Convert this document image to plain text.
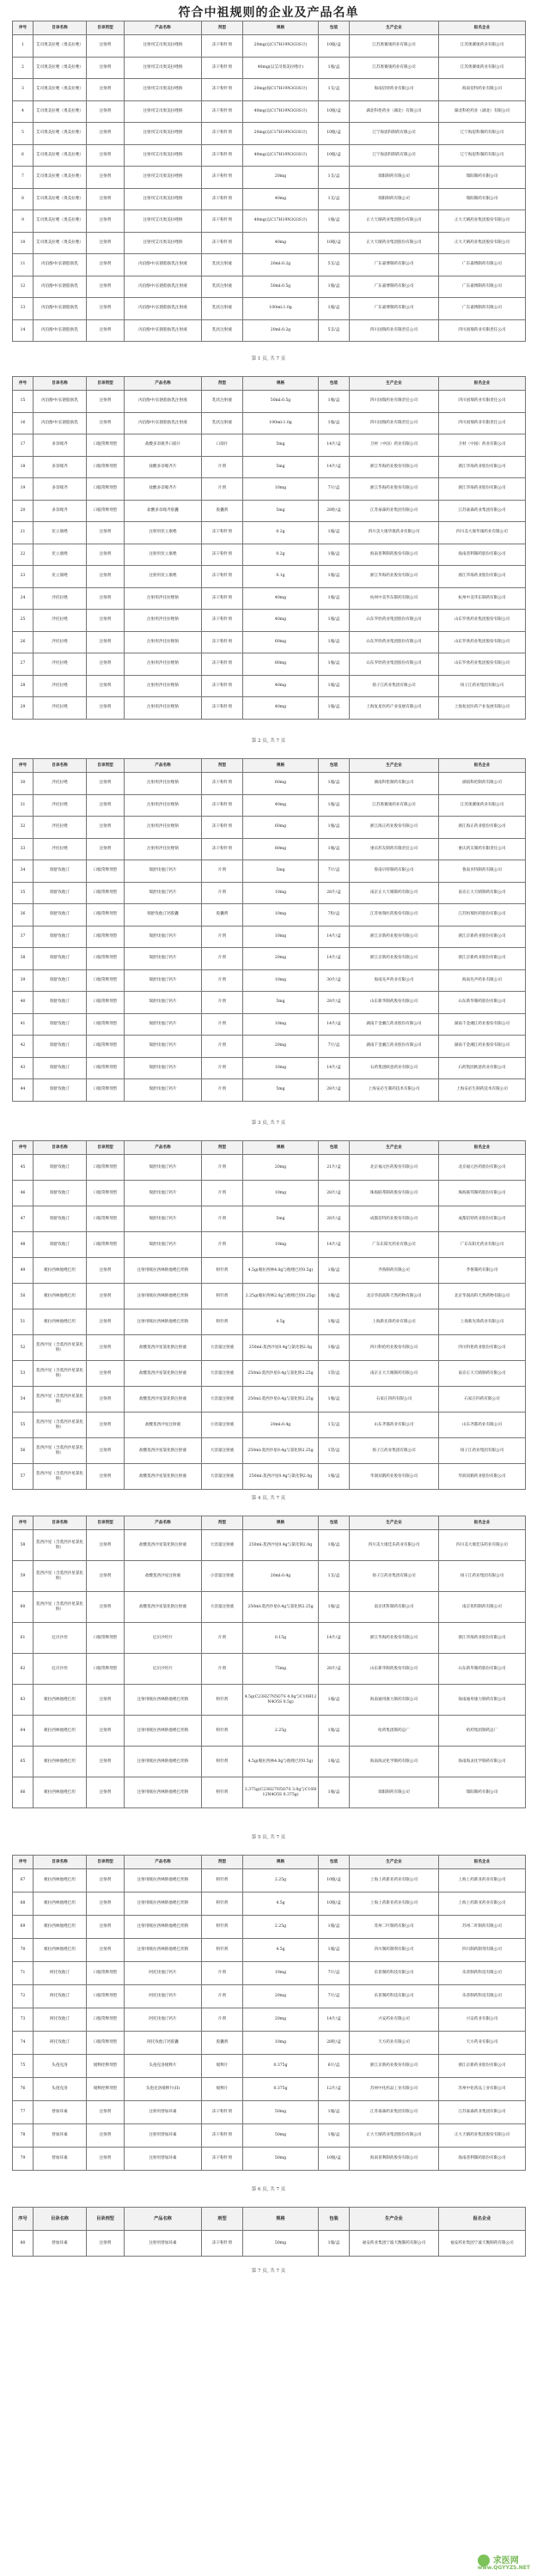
符合中祖规则的企业及产品名单
序号	目录名称	目录剂型	产品名称	剂型	规格	包装	生产企业	报名企业
1	艾司奥美拉唑（奥美拉唑）	注射剂	注射用艾司奥美拉唑钠	冻干粉针剂	20mg(以C17H19N3O3S计)	10瓶/盒	江苏奥赛康药业有限公司	江苏奥赛康药业有限公司
2	艾司奥美拉唑（奥美拉唑）	注射剂	注射用艾司奥美拉唑钠	冻干粉针剂	40mg(以艾司奥美拉唑计)	1瓶/盒	江苏奥赛康药业有限公司	江苏奥赛康药业有限公司
3	艾司奥美拉唑（奥美拉唑）	注射剂	注射用艾司奥美拉唑钠	冻干粉针剂	20mg(按C17H19N3O3S计)	1支/盒	海南倍特药业有限公司	海南倍特药业有限公司
4	艾司奥美拉唑（奥美拉唑）	注射剂	注射用艾司奥美拉唑钠	冻干粉针剂	40mg(以C17H19N3O3S计)	10瓶/盒	湖北科伦药业（湖北）有限公司	湖北科伦药业（湖北）有限公司
5	艾司奥美拉唑（奥美拉唑）	注射剂	注射用艾司奥美拉唑钠	冻干粉针剂	20mg(以C17H19N3O3S计)	10瓶/盒	辽宁海思科制药有限公司	辽宁海思科制药有限公司
6	艾司奥美拉唑（奥美拉唑）	注射剂	注射用艾司奥美拉唑钠	冻干粉针剂	40mg(以C17H19N3O3S计)	10瓶/盒	辽宁海思科制药有限公司	辽宁海思科制药有限公司
7	艾司奥美拉唑（奥美拉唑）	注射剂	注射用艾司奥美拉唑钠	冻干粉针剂	20mg	1支/盒	瑞阳制药有限公司	瑞阳制药有限公司
8	艾司奥美拉唑（奥美拉唑）	注射剂	注射用艾司奥美拉唑钠	冻干粉针剂	40mg	1支/盒	瑞阳制药有限公司	瑞阳制药有限公司
9	艾司奥美拉唑（奥美拉唑）	注射剂	注射用艾司奥美拉唑钠	冻干粉针剂	40mg(以C17H19N3O3S计)	1瓶/盒	正大天晴药业集团股份有限公司	正大天晴药业集团股份有限公司
10	艾司奥美拉唑（奥美拉唑）	注射剂	注射用艾司奥美拉唑钠	冻干粉针剂	40mg	10瓶/盒	正大天晴药业集团股份有限公司	正大天晴药业集团股份有限公司
11	丙泊酚中/长链脂肪乳	注射剂	丙泊酚中/长链脂肪乳注射液	乳状注射液	20ml:0.2g	5支/盒	广东嘉博制药有限公司	广东嘉博制药有限公司
12	丙泊酚中/长链脂肪乳	注射剂	丙泊酚中/长链脂肪乳注射液	乳状注射液	50ml:0.5g	1瓶/盒	广东嘉博制药有限公司	广东嘉博制药有限公司
13	丙泊酚中/长链脂肪乳	注射剂	丙泊酚中/长链脂肪乳注射液	乳状注射液	100ml:1.0g	1瓶/盒	广东嘉博制药有限公司	广东嘉博制药有限公司
14	丙泊酚中/长链脂肪乳	注射剂	丙泊酚中/长链脂肪乳注射液	乳状注射液	20ml:0.2g	5支/盒	四川国瑞药业有限责任公司	四川国瑞药业有限责任公司
第 1 页, 共 7 页
序号	目录名称	目录剂型	产品名称	剂型	规格	包装	生产企业	报名企业
15	丙泊酚中/长链脂肪乳	注射剂	丙泊酚中/长链脂肪乳注射液	乳状注射液	50ml:0.5g	1瓶/盒	四川国瑞药业有限责任公司	四川国瑞药业有限责任公司
16	丙泊酚中/长链脂肪乳	注射剂	丙泊酚中/长链脂肪乳注射液	乳状注射液	100ml:1.0g	1瓶/盒	四川国瑞药业有限责任公司	四川国瑞药业有限责任公司
17	多奈哌齐	口服常释剂型	盐酸多奈哌齐口崩片	口崩片	5mg	14片/盒	卫材（中国）药业有限公司	卫材（中国）药业有限公司
18	多奈哌齐	口服常释剂型	盐酸多奈哌齐片	片剂	5mg	14片/盒	浙江华海药业股份有限公司	浙江华海药业股份有限公司
19	多奈哌齐	口服常释剂型	盐酸多奈哌齐片	片剂	10mg	7片/盒	浙江华海药业股份有限公司	浙江华海药业股份有限公司
20	多奈哌齐	口服常释剂型	盐酸多奈哌齐胶囊	胶囊剂	5mg	28粒/盒	江苏豪森药业集团有限公司	江苏豪森药业集团有限公司
21	伏立康唑	注射剂	注射用伏立康唑	冻干粉针剂	0.2g	1瓶/盒	四川美大康华康药业有限公司	四川美大康华康药业有限公司
22	伏立康唑	注射剂	注射用伏立康唑	冻干粉针剂	0.2g	1瓶/盒	海南普利制药股份有限公司	海南普利制药股份有限公司
23	伏立康唑	注射剂	注射用伏立康唑	冻干粉针剂	0.1g	1瓶/盒	浙江华海药业股份有限公司	浙江华海药业股份有限公司
24	泮托拉唑	注射剂	注射用泮托拉唑钠	冻干粉针剂	40mg	1瓶/盒	杭州中美华东制药有限公司	杭州中美华东制药有限公司
25	泮托拉唑	注射剂	注射用泮托拉唑钠	冻干粉针剂	40mg	1瓶/盒	山东罗欣药业集团股份有限公司	山东罗欣药业集团股份有限公司
26	泮托拉唑	注射剂	注射用泮托拉唑钠	冻干粉针剂	60mg	1瓶/盒	山东罗欣药业集团股份有限公司	山东罗欣药业集团股份有限公司
27	泮托拉唑	注射剂	注射用泮托拉唑钠	冻干粉针剂	80mg	1瓶/盒	山东罗欣药业集团股份有限公司	山东罗欣药业集团股份有限公司
28	泮托拉唑	注射剂	注射用泮托拉唑钠	冻干粉针剂	40mg	1瓶/盒	扬子江药业集团有限公司	扬子江药业集团有限公司
29	泮托拉唑	注射剂	注射用泮托拉唑钠	冻干粉针剂	40mg	1瓶/盒	上海复星医药产业发展有限公司	上海复星医药产业发展有限公司
第 2 页, 共 7 页
序号	目录名称	目录剂型	产品名称	剂型	规格	包装	生产企业	报名企业
30	泮托拉唑	注射剂	注射用泮托拉唑钠	冻干粉针剂	60mg	1瓶/盒	湖南科伦制药有限公司	湖南科伦制药有限公司
31	泮托拉唑	注射剂	注射用泮托拉唑钠	冻干粉针剂	40mg	1瓶/盒	江苏奥赛康药业有限公司	江苏奥赛康药业有限公司
32	泮托拉唑	注射剂	注射用泮托拉唑钠	冻干粉针剂	60mg	1瓶/盒	浙江海正药业股份有限公司	浙江海正药业股份有限公司
33	泮托拉唑	注射剂	注射用泮托拉唑钠	冻干粉针剂	80mg	1瓶/盒	重庆药友制药有限责任公司	重庆药友制药有限责任公司
34	瑞舒伐他汀	口服常释剂型	瑞舒伐他汀钙片	片剂	5mg	7片/盒	鲁南贝特制药有限公司	鲁南贝特制药有限公司
35	瑞舒伐他汀	口服常释剂型	瑞舒伐他汀钙片	片剂	10mg	28片/盒	南京正大天晴制药有限公司	南京正大天晴制药有限公司
36	瑞舒伐他汀	口服常释剂型	瑞舒伐他汀钙胶囊	胶囊剂	10mg	7粒/盒	江苏恒瑞医药股份有限公司	江苏恒瑞医药股份有限公司
37	瑞舒伐他汀	口服常释剂型	瑞舒伐他汀钙片	片剂	10mg	14片/盒	浙江京新药业股份有限公司	浙江京新药业股份有限公司
38	瑞舒伐他汀	口服常释剂型	瑞舒伐他汀钙片	片剂	20mg	14片/盒	浙江京新药业股份有限公司	浙江京新药业股份有限公司
39	瑞舒伐他汀	口服常释剂型	瑞舒伐他汀钙片	片剂	10mg	30片/盒	海南先声药业有限公司	海南先声药业有限公司
40	瑞舒伐他汀	口服常释剂型	瑞舒伐他汀钙片	片剂	5mg	28片/盒	山东新华制药股份有限公司	山东新华制药股份有限公司
41	瑞舒伐他汀	口服常释剂型	瑞舒伐他汀钙片	片剂	10mg	14片/盒	湖南千金湘江药业股份有限公司	湖南千金湘江药业股份有限公司
42	瑞舒伐他汀	口服常释剂型	瑞舒伐他汀钙片	片剂	20mg	7片/盒	湖南千金湘江药业股份有限公司	湖南千金湘江药业股份有限公司
43	瑞舒伐他汀	口服常释剂型	瑞舒伐他汀钙片	片剂	10mg	14片/盒	石药集团欧意药业有限公司	石药集团欧意药业有限公司
44	瑞舒伐他汀	口服常释剂型	瑞舒伐他汀钙片	片剂	5mg	28片/盒	上海安必生制药技术有限公司	上海安必生制药技术有限公司
第 3 页, 共 7 页
序号	目录名称	目录剂型	产品名称	剂型	规格	包装	生产企业	报名企业
45	瑞舒伐他汀	口服常释剂型	瑞舒伐他汀钙片	片剂	20mg	21片/盒	北京福元医药股份有限公司	北京福元医药股份有限公司
46	瑞舒伐他汀	口服常释剂型	瑞舒伐他汀钙片	片剂	10mg	28片/盒	珠海联邦制药股份有限公司	珠海联邦制药股份有限公司
47	瑞舒伐他汀	口服常释剂型	瑞舒伐他汀钙片	片剂	5mg	28片/盒	成都倍特药业股份有限公司	成都倍特药业股份有限公司
48	瑞舒伐他汀	口服常释剂型	瑞舒伐他汀钙片	片剂	10mg	14片/盒	广东东阳光药业有限公司	广东东阳光药业有限公司
49	哌拉西林他唑巴坦	注射剂	注射用哌拉西林钠他唑巴坦钠	粉针剂	4.5g(哌拉西林4.0g与他唑巴坦0.5g)	1瓶/盒	齐鲁制药有限公司	齐鲁制药有限公司
50	哌拉西林他唑巴坦	注射剂	注射用哌拉西林钠他唑巴坦钠	粉针剂	2.25g(哌拉西林2.0g与他唑巴坦0.25g)	1瓶/盒	北京华润高科天然药物有限公司	北京华润高科天然药物有限公司
51	哌拉西林他唑巴坦	注射剂	注射用哌拉西林钠他唑巴坦钠	粉针剂	4.5g	1瓶/盒	上海新先锋药业有限公司	上海新先锋药业有限公司
52	莫西沙星（含莫西沙星氯化钠）	注射剂	盐酸莫西沙星氯化钠注射液	大容量注射液	250ml:莫西沙星0.4g与氯化钠2.0g	1瓶/盒	四川科伦药业股份有限公司	四川科伦药业股份有限公司
53	莫西沙星（含莫西沙星氯化钠）	注射剂	盐酸莫西沙星氯化钠注射液	大容量注射液	250ml:莫西沙星0.4g与氯化钠2.25g	1袋/盒	南京正大天晴制药有限公司	南京正大天晴制药有限公司
54	莫西沙星（含莫西沙星氯化钠）	注射剂	盐酸莫西沙星氯化钠注射液	大容量注射液	250ml:莫西沙星0.4g与氯化钠2.25g	1瓶/盒	石家庄四药有限公司	石家庄四药有限公司
55	莫西沙星（含莫西沙星氯化钠）	注射剂	盐酸莫西沙星注射液	小容量注射液	20ml:0.4g	1支/盒	山东齐都药业有限公司	山东齐都药业有限公司
56	莫西沙星（含莫西沙星氯化钠）	注射剂	盐酸莫西沙星氯化钠注射液	大容量注射液	250ml:莫西沙星0.4g与氯化钠2.25g	1袋/盒	扬子江药业集团有限公司	扬子江药业集团有限公司
57	莫西沙星（含莫西沙星氯化钠）	注射剂	盐酸莫西沙星氯化钠注射液	大容量注射液	250ml:莫西沙星0.4g与氯化钠2.0g	1瓶/盒	华润双鹤药业股份有限公司	华润双鹤药业股份有限公司
第 4 页, 共 7 页
序号	目录名称	目录剂型	产品名称	剂型	规格	包装	生产企业	报名企业
58	莫西沙星（含莫西沙星氯化钠）	注射剂	盐酸莫西沙星氯化钠注射液	大容量注射液	250ml:莫西沙星0.4g与氯化钠2.0g	1瓶/盒	四川美大康佳乐药业有限公司	四川美大康佳乐药业有限公司
59	莫西沙星（含莫西沙星氯化钠）	注射剂	盐酸莫西沙星注射液	小容量注射液	20ml:0.4g	1支/盒	扬子江药业集团有限公司	扬子江药业集团有限公司
60	莫西沙星（含莫西沙星氯化钠）	注射剂	盐酸莫西沙星氯化钠注射液	大容量注射液	250ml:莫西沙星0.4g与氯化钠2.25g	1瓶/盒	南京优科制药有限公司	南京优科制药有限公司
61	厄贝沙坦	口服常释剂型	厄贝沙坦片	片剂	0.15g	14片/盒	浙江华海药业股份有限公司	浙江华海药业股份有限公司
62	厄贝沙坦	口服常释剂型	厄贝沙坦片	片剂	75mg	28片/盒	山东新华制药股份有限公司	山东新华制药股份有限公司
63	哌拉西林他唑巴坦	注射剂	注射用哌拉西林钠他唑巴坦钠	粉针剂	4.5g(C23H27N5O7S 4.0g与C10H12N4O5S 0.5g)	1瓶/盒	海南通用康力制药有限公司	海南通用康力制药有限公司
64	哌拉西林他唑巴坦	注射剂	注射用哌拉西林钠他唑巴坦钠	粉针剂	2.25g	1瓶/盒	哈药集团制药总厂	哈药集团制药总厂
65	哌拉西林他唑巴坦	注射剂	注射用哌拉西林钠他唑巴坦钠	粉针剂	4.5g(哌拉西林4.0g与他唑巴坦0.5g)	1瓶/盒	海南海灵化学制药有限公司	海南海灵化学制药有限公司
66	哌拉西林他唑巴坦	注射剂	注射用哌拉西林钠他唑巴坦钠	粉针剂	3.375g(C23H27N5O7S 3.0g与C10H12N4O5S 0.375g)	1瓶/盒	瑞阳制药有限公司	瑞阳制药有限公司
第 5 页, 共 7 页
序号	目录名称	目录剂型	产品名称	剂型	规格	包装	生产企业	报名企业
67	哌拉西林他唑巴坦	注射剂	注射用哌拉西林钠他唑巴坦钠	粉针剂	2.25g	10瓶/盒	上海上药新亚药业有限公司	上海上药新亚药业有限公司
68	哌拉西林他唑巴坦	注射剂	注射用哌拉西林钠他唑巴坦钠	粉针剂	4.5g	10瓶/盒	上海上药新亚药业有限公司	上海上药新亚药业有限公司
69	哌拉西林他唑巴坦	注射剂	注射用哌拉西林钠他唑巴坦钠	粉针剂	2.25g	1瓶/盒	苏州二叶制药有限公司	苏州二叶制药有限公司
70	哌拉西林他唑巴坦	注射剂	注射用哌拉西林钠他唑巴坦钠	粉针剂	4.5g	1瓶/盒	四川制药制剂有限公司	四川制药制剂有限公司
71	阿托伐他汀	口服常释剂型	阿托伐他汀钙片	片剂	10mg	7片/盒	乐普制药科技有限公司	乐普制药科技有限公司
72	阿托伐他汀	口服常释剂型	阿托伐他汀钙片	片剂	20mg	7片/盒	乐普制药科技有限公司	乐普制药科技有限公司
73	阿托伐他汀	口服常释剂型	阿托伐他汀钙片	片剂	20mg	14片/盒	兴安药业有限公司	兴安药业有限公司
74	阿托伐他汀	口服常释剂型	阿托伐他汀钙胶囊	胶囊剂	10mg	28粒/盒	天方药业有限公司	天方药业有限公司
75	头孢克洛	缓释控释剂型	头孢克洛缓释片	缓释片	0.375g	6片/盒	浙江京新药业股份有限公司	浙江京新药业股份有限公司
76	头孢克洛	缓释控释剂型	头孢克洛缓释片(II)	缓释片	0.375g	12片/盒	苏州中化药品工业有限公司	苏州中化药品工业有限公司
77	替加环素	注射剂	注射用替加环素	冻干粉针剂	50mg	1瓶/盒	江苏豪森药业集团有限公司	江苏豪森药业集团有限公司
78	替加环素	注射剂	注射用替加环素	冻干粉针剂	50mg	1瓶/盒	正大天晴药业集团股份有限公司	正大天晴药业集团股份有限公司
79	替加环素	注射剂	注射用替加环素	冻干粉针剂	50mg	10瓶/盒	海南普利制药股份有限公司	海南普利制药股份有限公司
第 6 页, 共 7 页
序号	目录名称	目录剂型	产品名称	剂型	规格	包装	生产企业	报名企业
80	替加环素	注射剂	注射用替加环素	冻干粉针剂	50mg	1瓶/盒	福安药业集团宁波天衡制药有限公司	福安药业集团宁波天衡制药有限公司
第 7 页, 共 7 页
求医网
www.QGYYZS.NET
